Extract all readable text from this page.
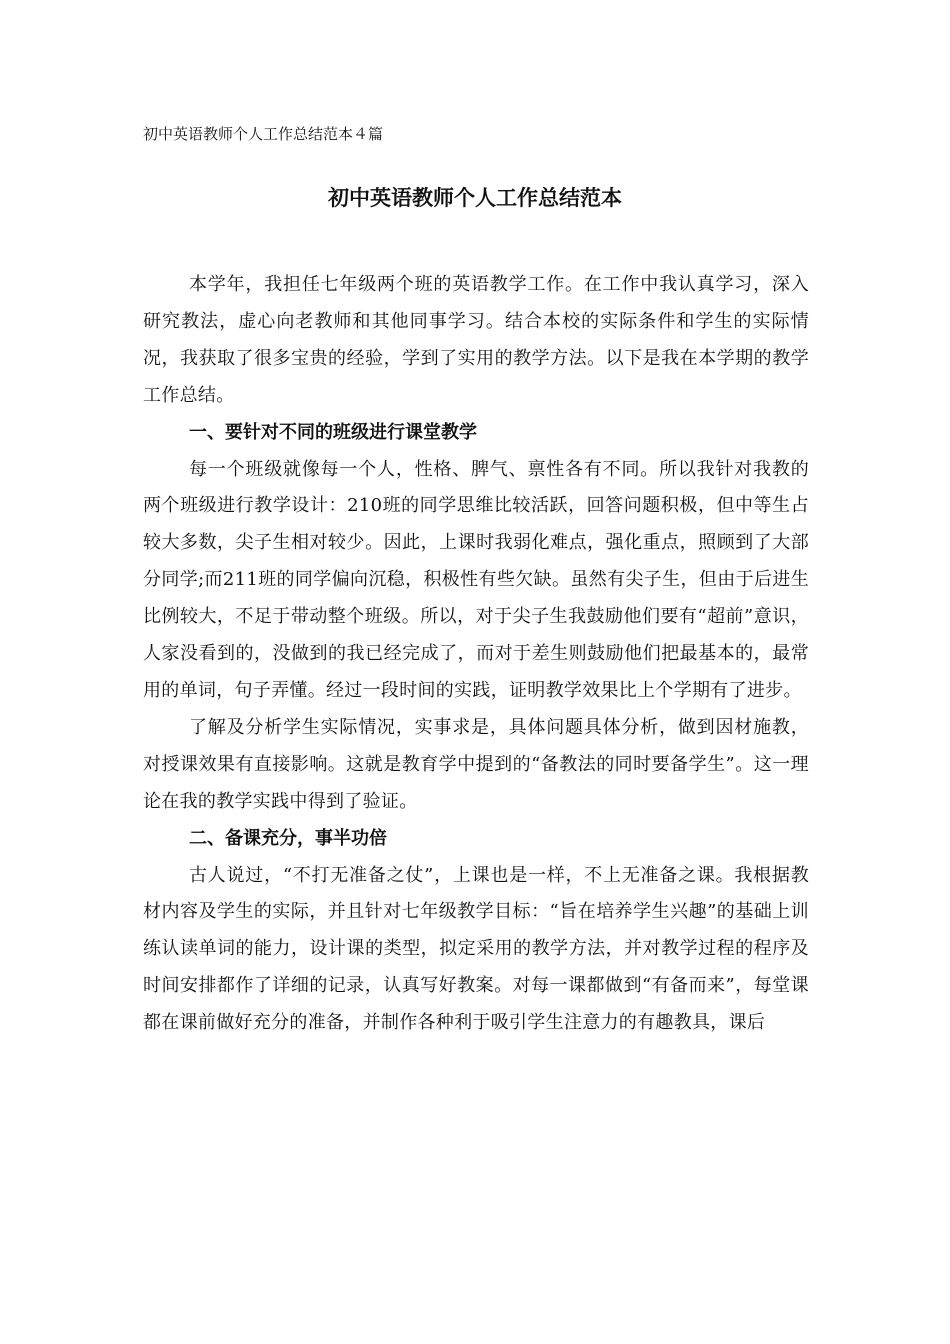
初中英语教师个人工作总结范本４篇
初中英语教师个人工作总结范本

本学年，我担任七年级两个班的英语教学工作。在工作中我认真学习，深入研究教法，虚心向老教师和其他同事学习。结合本校的实际条件和学生的实际情况，我获取了很多宝贵的经验，学到了实用的教学方法。以下是我在本学期的教学工作总结。

一、要针对不同的班级进行课堂教学

每一个班级就像每一个人，性格、脾气、禀性各有不同。所以我针对我教的两个班级进行教学设计：210班的同学思维比较活跃，回答问题积极，但中等生占较大多数，尖子生相对较少。因此，上课时我弱化难点，强化重点，照顾到了大部分同学;而211班的同学偏向沉稳，积极性有些欠缺。虽然有尖子生，但由于后进生比例较大，不足于带动整个班级。所以，对于尖子生我鼓励他们要有“超前”意识，人家没看到的，没做到的我已经完成了，而对于差生则鼓励他们把最基本的，最常用的单词，句子弄懂。经过一段时间的实践，证明教学效果比上个学期有了进步。

了解及分析学生实际情况，实事求是，具体问题具体分析，做到因材施教，对授课效果有直接影响。这就是教育学中提到的“备教法的同时要备学生”。这一理论在我的教学实践中得到了验证。

二、备课充分，事半功倍

古人说过，“不打无准备之仗”，上课也是一样，不上无准备之课。我根据教材内容及学生的实际，并且针对七年级教学目标：“旨在培养学生兴趣”的基础上训练认读单词的能力，设计课的类型，拟定采用的教学方法，并对教学过程的程序及时间安排都作了详细的记录，认真写好教案。对每一课都做到“有备而来”，每堂课都在课前做好充分的准备，并制作各种利于吸引学生注意力的有趣教具，课后
